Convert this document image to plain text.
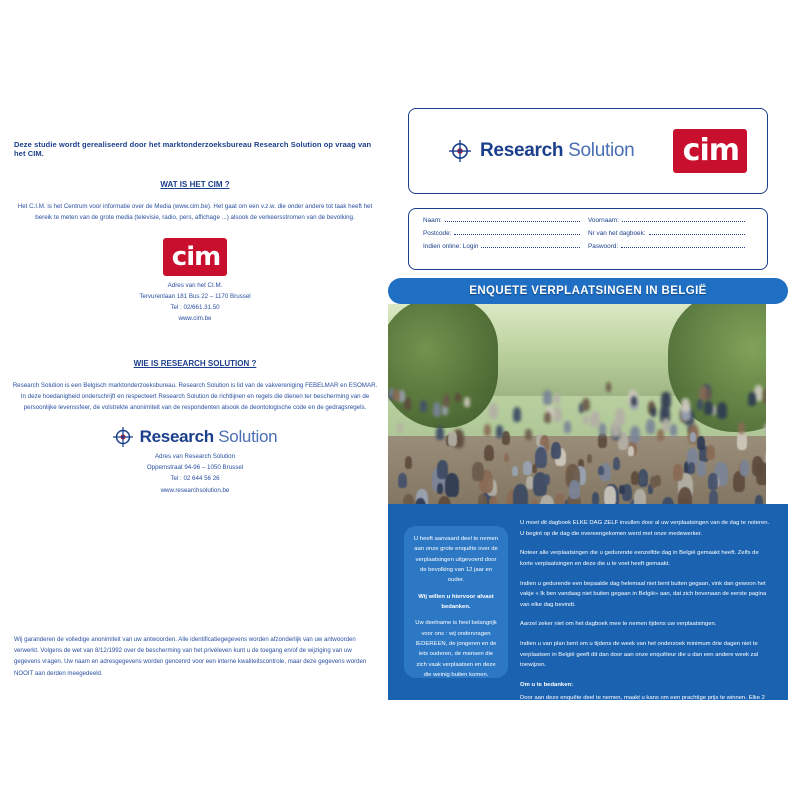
Deze studie wordt gerealiseerd door het marktonderzoeksbureau Research Solution op vraag van het CIM.

WAT IS HET CIM ?

Het C.I.M. is het Centrum voor informatie over de Media (www.cim.be). Het gaat om een v.z.w. die onder andere tot taak heeft het bereik te meten van de grote media (televisie, radio, pers, affichage ...) alsook de verkeersstromen van de bevolking.

cim
Adres van het CI.M.
Tervurenlaan 181 Bus 22 – 1170 Brussel
Tel : 02/661.31.50
www.cim.be
WIE IS RESEARCH SOLUTION ?

Research Solution is een Belgisch marktonderzoeksbureau. Research Solution is lid van de vakvereniging FEBELMAR en ESOMAR. In deze hoedanigheid onderschrijft en respecteert Research Solution de richtlijnen en regels die dienen ter bescherming van de persoonlijke levenssfeer, de volstrekte anonimiteit van de respondenten alsook de deontologische code en de gedragsregels.

Research Solution
Adres van Research Solution
Oppemstraat 94-96 – 1050 Brussel
Tel : 02 644 56 26
www.researchsolution.be

Wij garanderen de volledige anonimiteit van uw antwoorden. Alle identificatiegegevens worden afzonderlijk van uw antwoorden verwerkt. Volgens de wet van 8/12/1992 over de bescherming van het privéleven kunt u de toegang en/of de wijziging van uw gegevens vragen. Uw naam en adresgegevens worden gencenrd voor een interne kwaliteitscontrole, maar deze gegevens worden NOOIT aan derden meegedeeld.

Research Solution	cim
Naam:	Voornaam:
Postcode:	Nr van het dagboek:
Indien online: Login	Paswoord:
ENQUETE VERPLAATSINGEN IN BELGIË
U heeft aanvaard deel te nemen aan onze grote enquête over de verplaatsingen uitgevoerd door de bevolking van 12 jaar en ouder.
Wij willen u hiervoor alvast bedanken.
Uw deelname is heel belangrijk voor ons : wij ondervragen IEDEREEN, de jongeren en de iets ouderen, de mensen die zich vaak verplaatsen en deze die weinig buiten komen.

U moet dit dagboek ELKE DAG ZELF invullen door al uw verplaatsingen van de dag te noteren. U begint op de dag die overeengekomen werd met onze medewerker.

Noteer alle verplaatsingen die u gedurende eenzelfde dag in België gemaakt heeft. Zelfs de korte verplaatsingen en deze die u te voet heeft gemaakt.

Indien u gedurende een bepaalde dag helemaal niet bent buiten gegaan, vink dan gewoon het vakje « Ik ben vandaag niet buiten gegaan in België» aan, dat zich bovenaan de eerste pagina van elke dag bevindt.

Aarzel zeker niet om het dagboek mee te nemen tijdens uw verplaatsingen.

Indien u van plan bent om u tijdens de week van het onderzoek minimum drie dagen niet te verplaatsen in België geeft dit dan door aan onze enquêteur die u dan een andere week zal toewijzen.

Om u te bedanken:

Door aan deze enquête deel te nemen, maakt u kans om een prachtige prijs te winnen. Elke 2 maanden worden er 24 winnaars bij trekking bepaald. Zij krijgen een cadeaubon die varieert tussen 20 € en 250 €.
